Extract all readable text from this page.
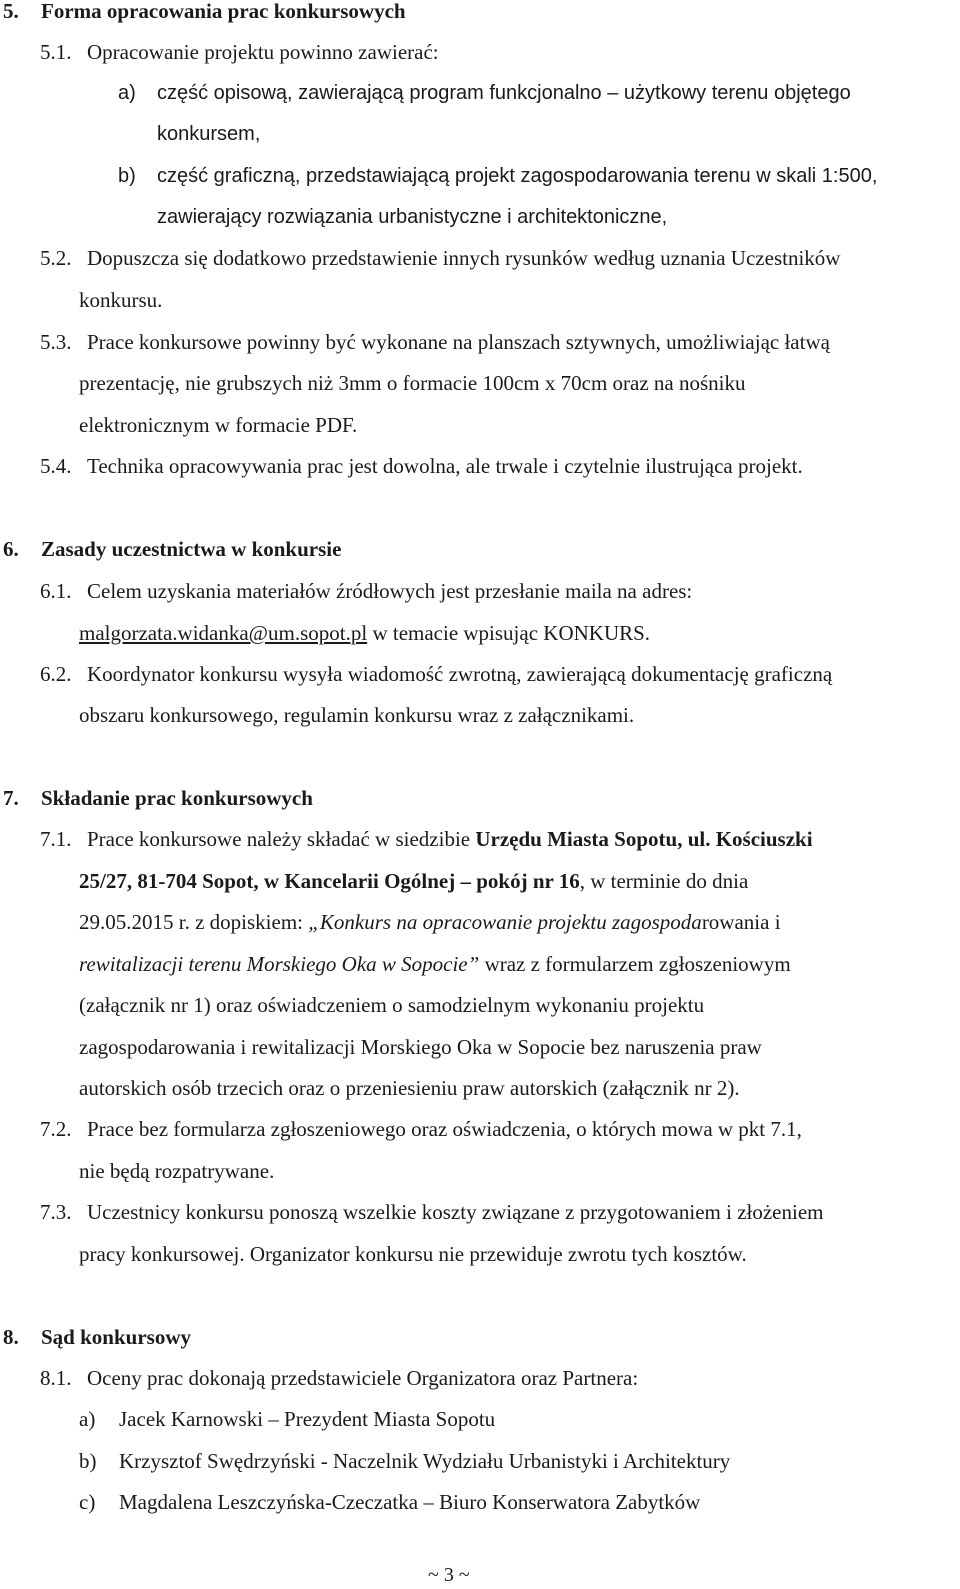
5. Forma opracowania prac konkursowych
5.1. Opracowanie projektu powinno zawierać:
a) część opisową, zawierającą program funkcjonalno – użytkowy terenu objętego
konkursem,
b) część graficzną, przedstawiającą projekt zagospodarowania terenu w skali 1:500,
zawierający rozwiązania urbanistyczne i architektoniczne,
5.2. Dopuszcza się dodatkowo przedstawienie innych rysunków według uznania Uczestników
konkursu.
5.3. Prace konkursowe powinny być wykonane na planszach sztywnych, umożliwiając łatwą
prezentację, nie grubszych niż 3mm o formacie 100cm x 70cm oraz na nośniku
elektronicznym w formacie PDF.
5.4. Technika opracowywania prac jest dowolna, ale trwale i czytelnie ilustrująca projekt.
6. Zasady uczestnictwa w konkursie
6.1. Celem uzyskania materiałów źródłowych jest przesłanie maila na adres:
malgorzata.widanka@um.sopot.pl w temacie wpisując KONKURS.
6.2. Koordynator konkursu wysyła wiadomość zwrotną, zawierającą dokumentację graficzną
obszaru konkursowego, regulamin konkursu wraz z załącznikami.
7. Składanie prac konkursowych
7.1. Prace konkursowe należy składać w siedzibie Urzędu Miasta Sopotu, ul. Kościuszki
25/27, 81-704 Sopot, w Kancelarii Ogólnej – pokój nr 16, w terminie do dnia
29.05.2015 r. z dopiskiem: „Konkurs na opracowanie projektu zagospodarowania i
rewitalizacji terenu Morskiego Oka w Sopocie” wraz z formularzem zgłoszeniowym
(załącznik nr 1) oraz oświadczeniem o samodzielnym wykonaniu projektu
zagospodarowania i rewitalizacji Morskiego Oka w Sopocie bez naruszenia praw
autorskich osób trzecich oraz o przeniesieniu praw autorskich (załącznik nr 2).
7.2. Prace bez formularza zgłoszeniowego oraz oświadczenia, o których mowa w pkt 7.1,
nie będą rozpatrywane.
7.3. Uczestnicy konkursu ponoszą wszelkie koszty związane z przygotowaniem i złożeniem
pracy konkursowej. Organizator konkursu nie przewiduje zwrotu tych kosztów.
8. Sąd konkursowy
8.1. Oceny prac dokonają przedstawiciele Organizatora oraz Partnera:
a) Jacek Karnowski – Prezydent Miasta Sopotu
b) Krzysztof Swędrzyński - Naczelnik Wydziału Urbanistyki i Architektury
c) Magdalena Leszczyńska-Czeczatka – Biuro Konserwatora Zabytków
~ 3 ~
